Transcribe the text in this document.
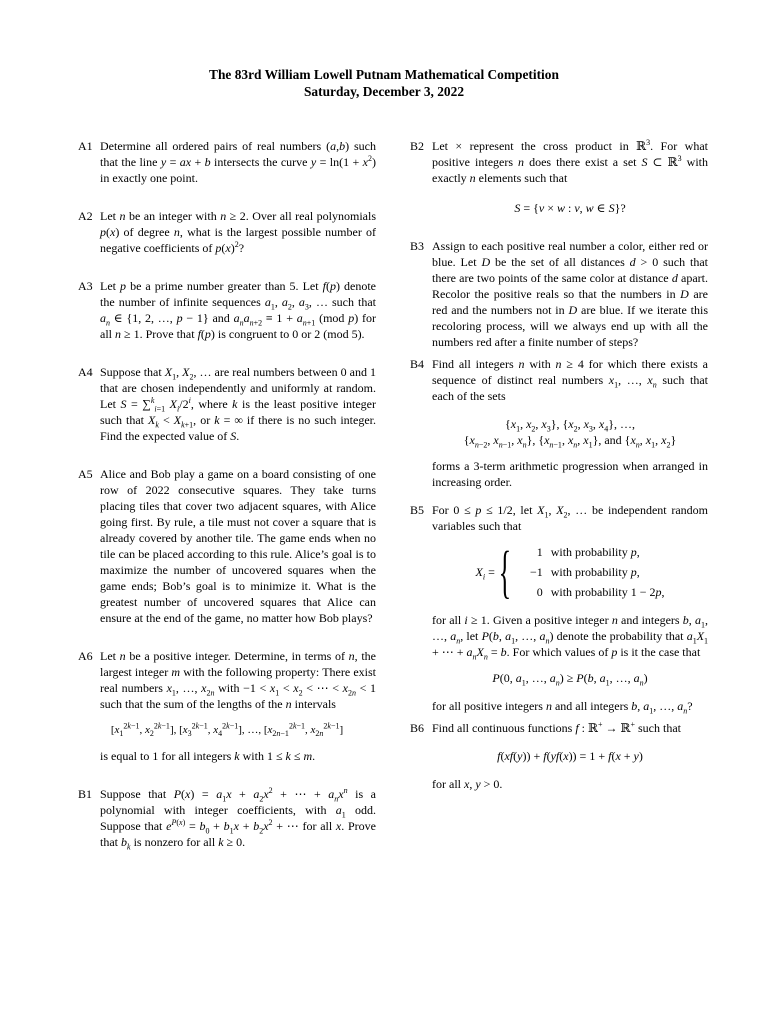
The 83rd William Lowell Putnam Mathematical Competition
Saturday, December 3, 2022
A1 Determine all ordered pairs of real numbers (a,b) such that the line y = ax + b intersects the curve $y = \ln(1 + x^2)$ in exactly one point.
A2 Let n be an integer with n ≥ 2. Over all real polynomials p(x) of degree n, what is the largest possible number of negative coefficients of $p(x)^2$?
A3 Let p be a prime number greater than 5. Let f(p) denote the number of infinite sequences $a_1$, $a_2$, $a_3$, … such that $a_n$ ∈ {1, 2, …, p − 1} and $a_na_{n+2} \equiv 1 + a_{n+1}$ (mod p) for all n ≥ 1. Prove that f(p) is congruent to 0 or 2 (mod 5).
A4 Suppose that $X_1$, $X_2$, … are real numbers between 0 and 1 that are chosen independently and uniformly at random. Let S = ∑$^k_{i=1}$ $X_i/2^i$, where k is the least positive integer such that $X_k < X_{k+1}$, or k = ∞ if there is no such integer. Find the expected value of S.
A5 Alice and Bob play a game on a board consisting of one row of 2022 consecutive squares. They take turns placing tiles that cover two adjacent squares, with Alice going first. By rule, a tile must not cover a square that is already covered by another tile. The game ends when no tile can be placed according to this rule. Alice’s goal is to maximize the number of uncovered squares when the game ends; Bob’s goal is to minimize it. What is the greatest number of uncovered squares that Alice can ensure at the end of the game, no matter how Bob plays?
A6 Let n be a positive integer. Determine, in terms of n, the largest integer m with the following property: There exist real numbers $x_1$, …, $x_{2n}$ with $-1 < x_1 < x_2$ < ⋯ < $x_{2n} < 1$ such that the sum of the lengths of the n intervals

[$x_1^{2k-1}$, $x_2^{2k-1}$], [$x_3^{2k-1}$, $x_4^{2k-1}$], …, [$x_{2n-1}^{2k-1}$, $x_{2n}^{2k-1}$]

is equal to 1 for all integers k with 1 ≤ k ≤ m.

B1 Suppose that $P(x) = a_1x + a_2x^2$ + ⋯ + $a_nx^n$ is a polynomial with integer coefficients, with $a_1$ odd. Suppose that $e^{P(x)} = b_0 + b_1x + b_2x^2$ + ⋯ for all x. Prove that $b_k$ is nonzero for all k ≥ 0.
B2 Let × represent the cross product in ℝ$^3$. For what positive integers n does there exist a set S ⊂ ℝ$^3$ with exactly n elements such that

S = {v × w : v, w ∈ S}?

B3 Assign to each positive real number a color, either red or blue. Let D be the set of all distances d > 0 such that there are two points of the same color at distance d apart. Recolor the positive reals so that the numbers in D are red and the numbers not in D are blue. If we iterate this recoloring process, will we always end up with all the numbers red after a finite number of steps?
B4 Find all integers n with n ≥ 4 for which there exists a sequence of distinct real numbers $x_1$, …, $x_n$ such that each of the sets

{$x_1$, $x_2$, $x_3$}, {$x_2$, $x_3$, $x_4$}, …,

{$x_{n-2}$, $x_{n-1}$, $x_n$}, {$x_{n-1}$, $x_n$, $x_1$}, and {$x_n$, $x_1$, $x_2$}

forms a 3-term arithmetic progression when arranged in increasing order.

B5 For 0 ≤ p ≤ 1/2, let $X_1$, $X_2$, … be independent random variables such that

$X_i$ = {	1 with probability p,
−1 with probability p,
0 with probability 1 − 2p,

for all i ≥ 1. Given a positive integer n and integers b, $a_1$, …, $a_n$, let P(b, $a_1$, …, $a_n$) denote the probability that $a_1X_1$ + ⋯ + $a_nX_n = b$. For which values of p is it the case that

P(0, $a_1$, …, $a_n) \ge P(b$, $a_1$, …, $a_n$)

for all positive integers n and all integers b, $a_1$, …, $a_n$?

B6 Find all continuous functions f : ℝ+ → ℝ+ such that

f(xf(y)) + f(yf(x)) = 1 + f(x + y)

for all x, y > 0.
